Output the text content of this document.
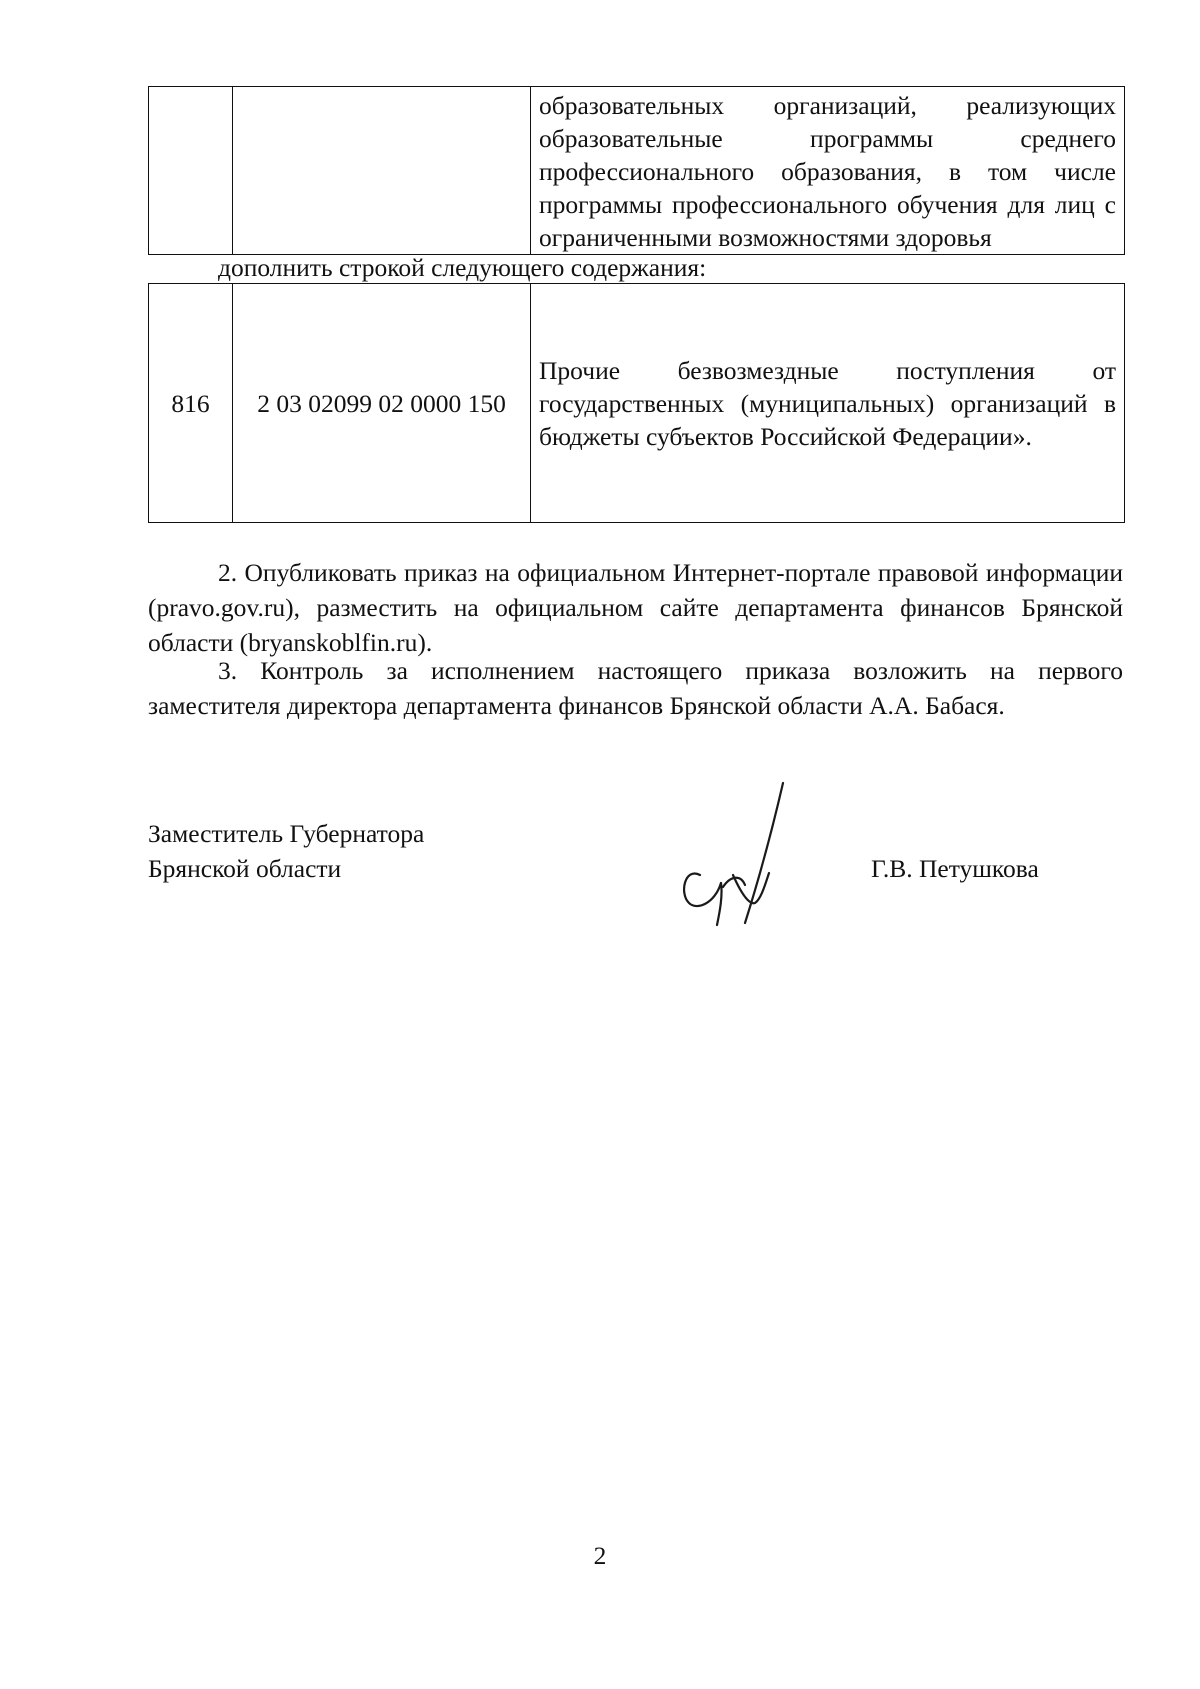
		образовательных организаций, реализующих образовательные программы среднего профессионального образования, в том числе программы профессионального обучения для лиц с ограниченными возможностями здоровья
дополнить строкой следующего содержания:
816	2 03 02099 02 0000 150	Прочие безвозмездные поступления от государственных (муниципальных) организаций в бюджеты субъектов Российской Федерации».
2. Опубликовать приказ на официальном Интернет-портале правовой информации (pravo.gov.ru), разместить на официальном сайте департамента финансов Брянской области (bryanskoblfin.ru).
3. Контроль за исполнением настоящего приказа возложить на первого заместителя директора департамента финансов Брянской области А.А. Бабася.
Заместитель Губернатора
Брянской области	Г.В. Петушкова
2
